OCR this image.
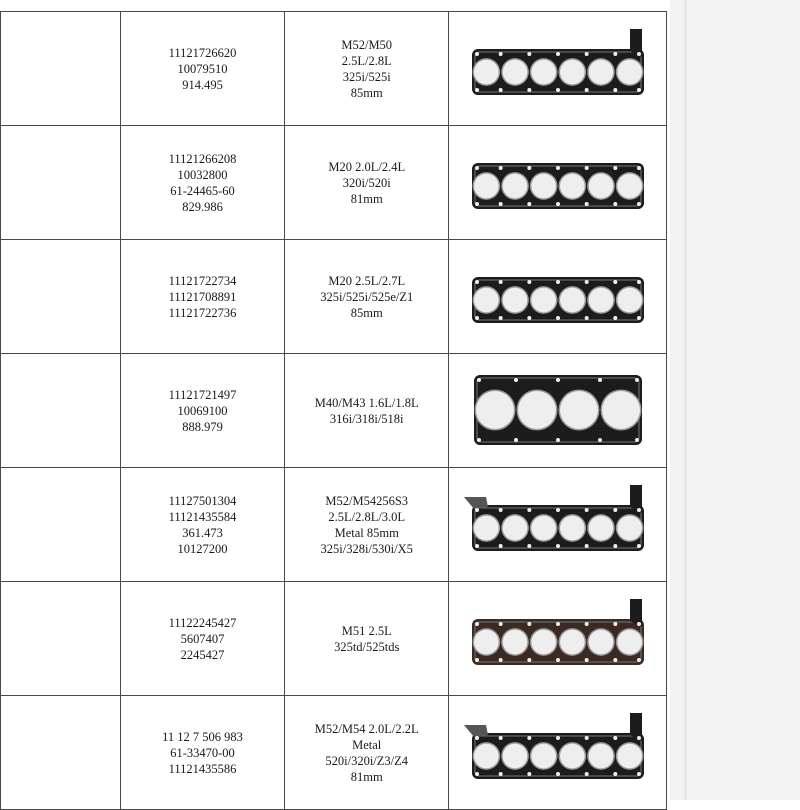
	11121726620
10079510
914.495	M52/M50
2.5L/2.8L
325i/525i
85mm

	11121266208
10032800
61-24465-60
829.986	M20 2.0L/2.4L
320i/520i
81mm

	11121722734
11121708891
11121722736	M20 2.5L/2.7L
325i/525i/525e/Z1
85mm

	11121721497
10069100
888.979	M40/M43 1.6L/1.8L
316i/318i/518i

	11127501304
11121435584
361.473
10127200	M52/M54256S3
2.5L/2.8L/3.0L
Metal 85mm
325i/328i/530i/X5

	11122245427
5607407
2245427	M51 2.5L
325td/525tds

	11 12 7 506 983
61-33470-00
11121435586	M52/M54 2.0L/2.2L
Metal
520i/320i/Z3/Z4
81mm
